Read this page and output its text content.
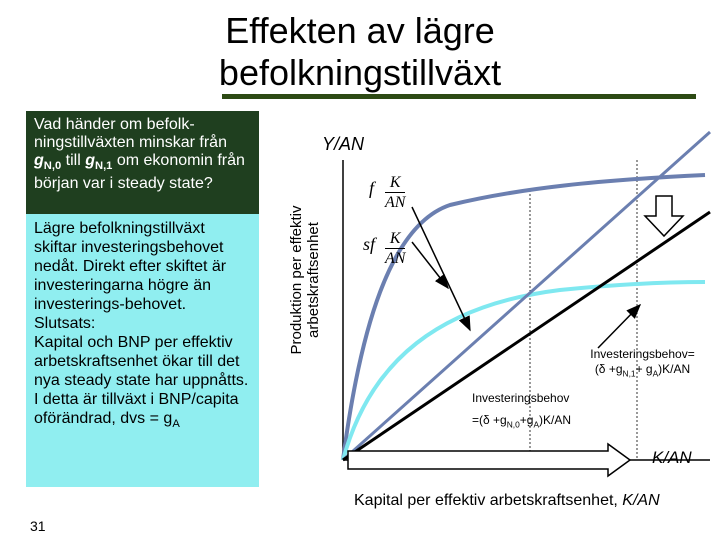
Effekten av lägre
befolkningstillväxt
Vad händer om befolk-ningstillväxten minskar från $g_{N,0}$ till $g_{N,1}$ om ekonomin från början var i steady state?

Lägre befolkningstillväxt skiftar investeringsbehovet nedåt. Direkt efter skiftet är investeringarna högre än investerings-behovet.

Slutsats:

Kapital och BNP per effektiv arbetskraftsenhet ökar till det nya steady state har uppnåtts. I detta är tillväxt i BNP/capita oförändrad, dvs = $g_A$

31
Produktion per effektiv arbetskraftsenhet
Y/AN
K/AN
f $\frac{K}{AN}$
sf $\frac{K}{AN}$
Investeringsbehov=
$(\delta +g_{N,1}+ g_A)K/AN$
Investeringsbehov
$=(\delta +g_{N,0}+g_A)K/AN$
Kapital per effektiv arbetskraftsenhet, K/AN
